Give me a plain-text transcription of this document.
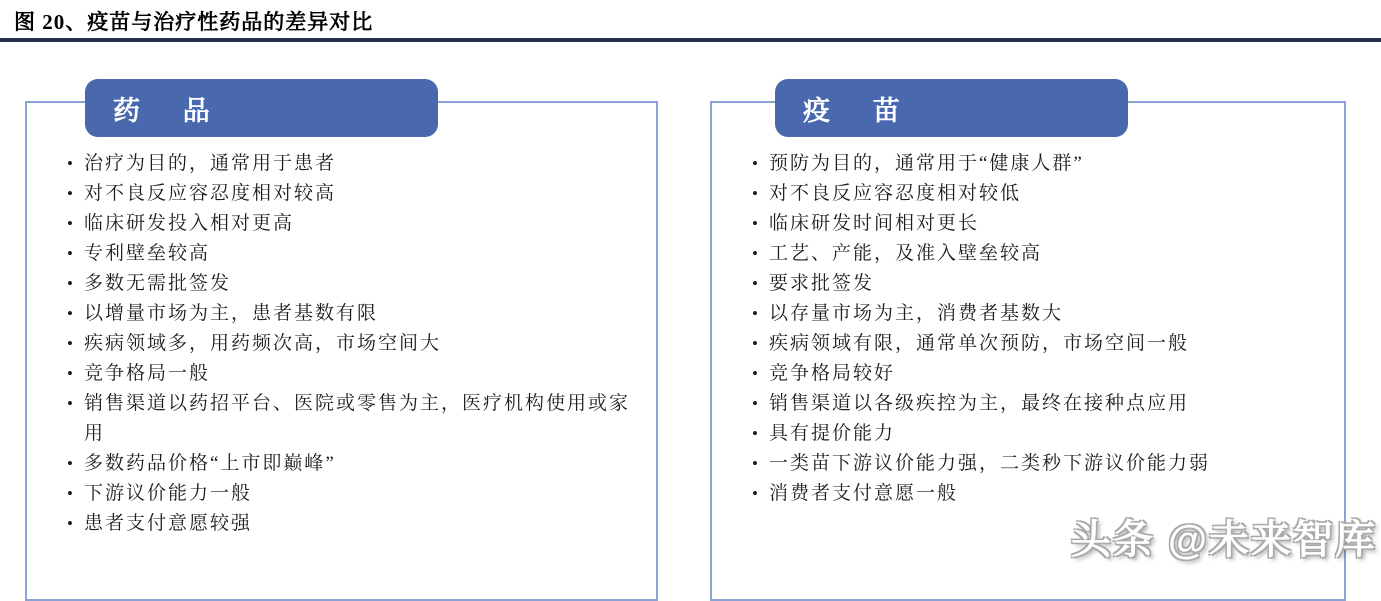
图 20、疫苗与治疗性药品的差异对比
药 品
• 治疗为目的，通常用于患者
• 对不良反应容忍度相对较高
• 临床研发投入相对更高
• 专利壁垒较高
• 多数无需批签发
• 以增量市场为主，患者基数有限
• 疾病领域多，用药频次高，市场空间大
• 竞争格局一般
• 销售渠道以药招平台、医院或零售为主，医疗机构使用或家用
• 多数药品价格“上市即巅峰”
• 下游议价能力一般
• 患者支付意愿较强
疫 苗
• 预防为目的，通常用于“健康人群”
• 对不良反应容忍度相对较低
• 临床研发时间相对更长
• 工艺、产能，及准入壁垒较高
• 要求批签发
• 以存量市场为主，消费者基数大
• 疾病领域有限，通常单次预防，市场空间一般
• 竞争格局较好
• 销售渠道以各级疾控为主，最终在接种点应用
• 具有提价能力
• 一类苗下游议价能力强，二类秒下游议价能力弱
• 消费者支付意愿一般
头条 @未来智库
